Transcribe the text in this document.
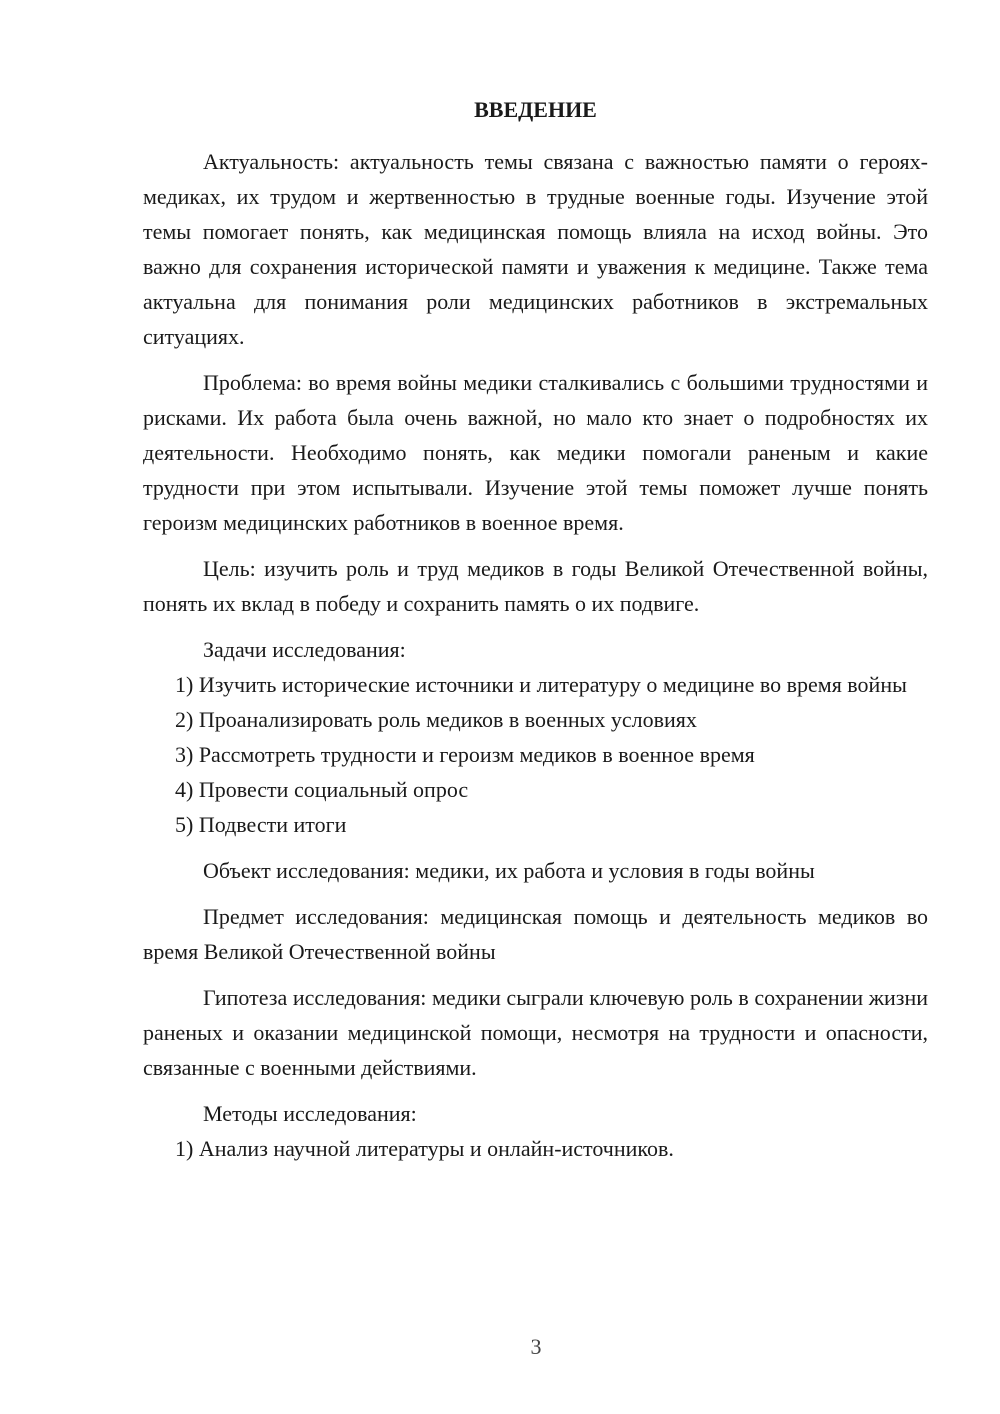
ВВЕДЕНИЕ

Актуальность: актуальность темы связана с важностью памяти о героях-медиках, их трудом и жертвенностью в трудные военные годы. Изучение этой темы помогает понять, как медицинская помощь влияла на исход войны. Это важно для сохранения исторической памяти и уважения к медицине. Также тема актуальна для понимания роли медицинских работников в экстремальных ситуациях.

Проблема: во время войны медики сталкивались с большими трудностями и рисками. Их работа была очень важной, но мало кто знает о подробностях их деятельности. Необходимо понять, как медики помогали раненым и какие трудности при этом испытывали. Изучение этой темы поможет лучше понять героизм медицинских работников в военное время.

Цель: изучить роль и труд медиков в годы Великой Отечественной войны, понять их вклад в победу и сохранить память о их подвиге.

Задачи исследования:

1) Изучить исторические источники и литературу о медицине во время войны

2) Проанализировать роль медиков в военных условиях

3) Рассмотреть трудности и героизм медиков в военное время

4) Провести социальный опрос

5) Подвести итоги

Объект исследования: медики, их работа и условия в годы войны

Предмет исследования: медицинская помощь и деятельность медиков во время Великой Отечественной войны

Гипотеза исследования: медики сыграли ключевую роль в сохранении жизни раненых и оказании медицинской помощи, несмотря на трудности и опасности, связанные с военными действиями.

Методы исследования:

1) Анализ научной литературы и онлайн-источников.

3
